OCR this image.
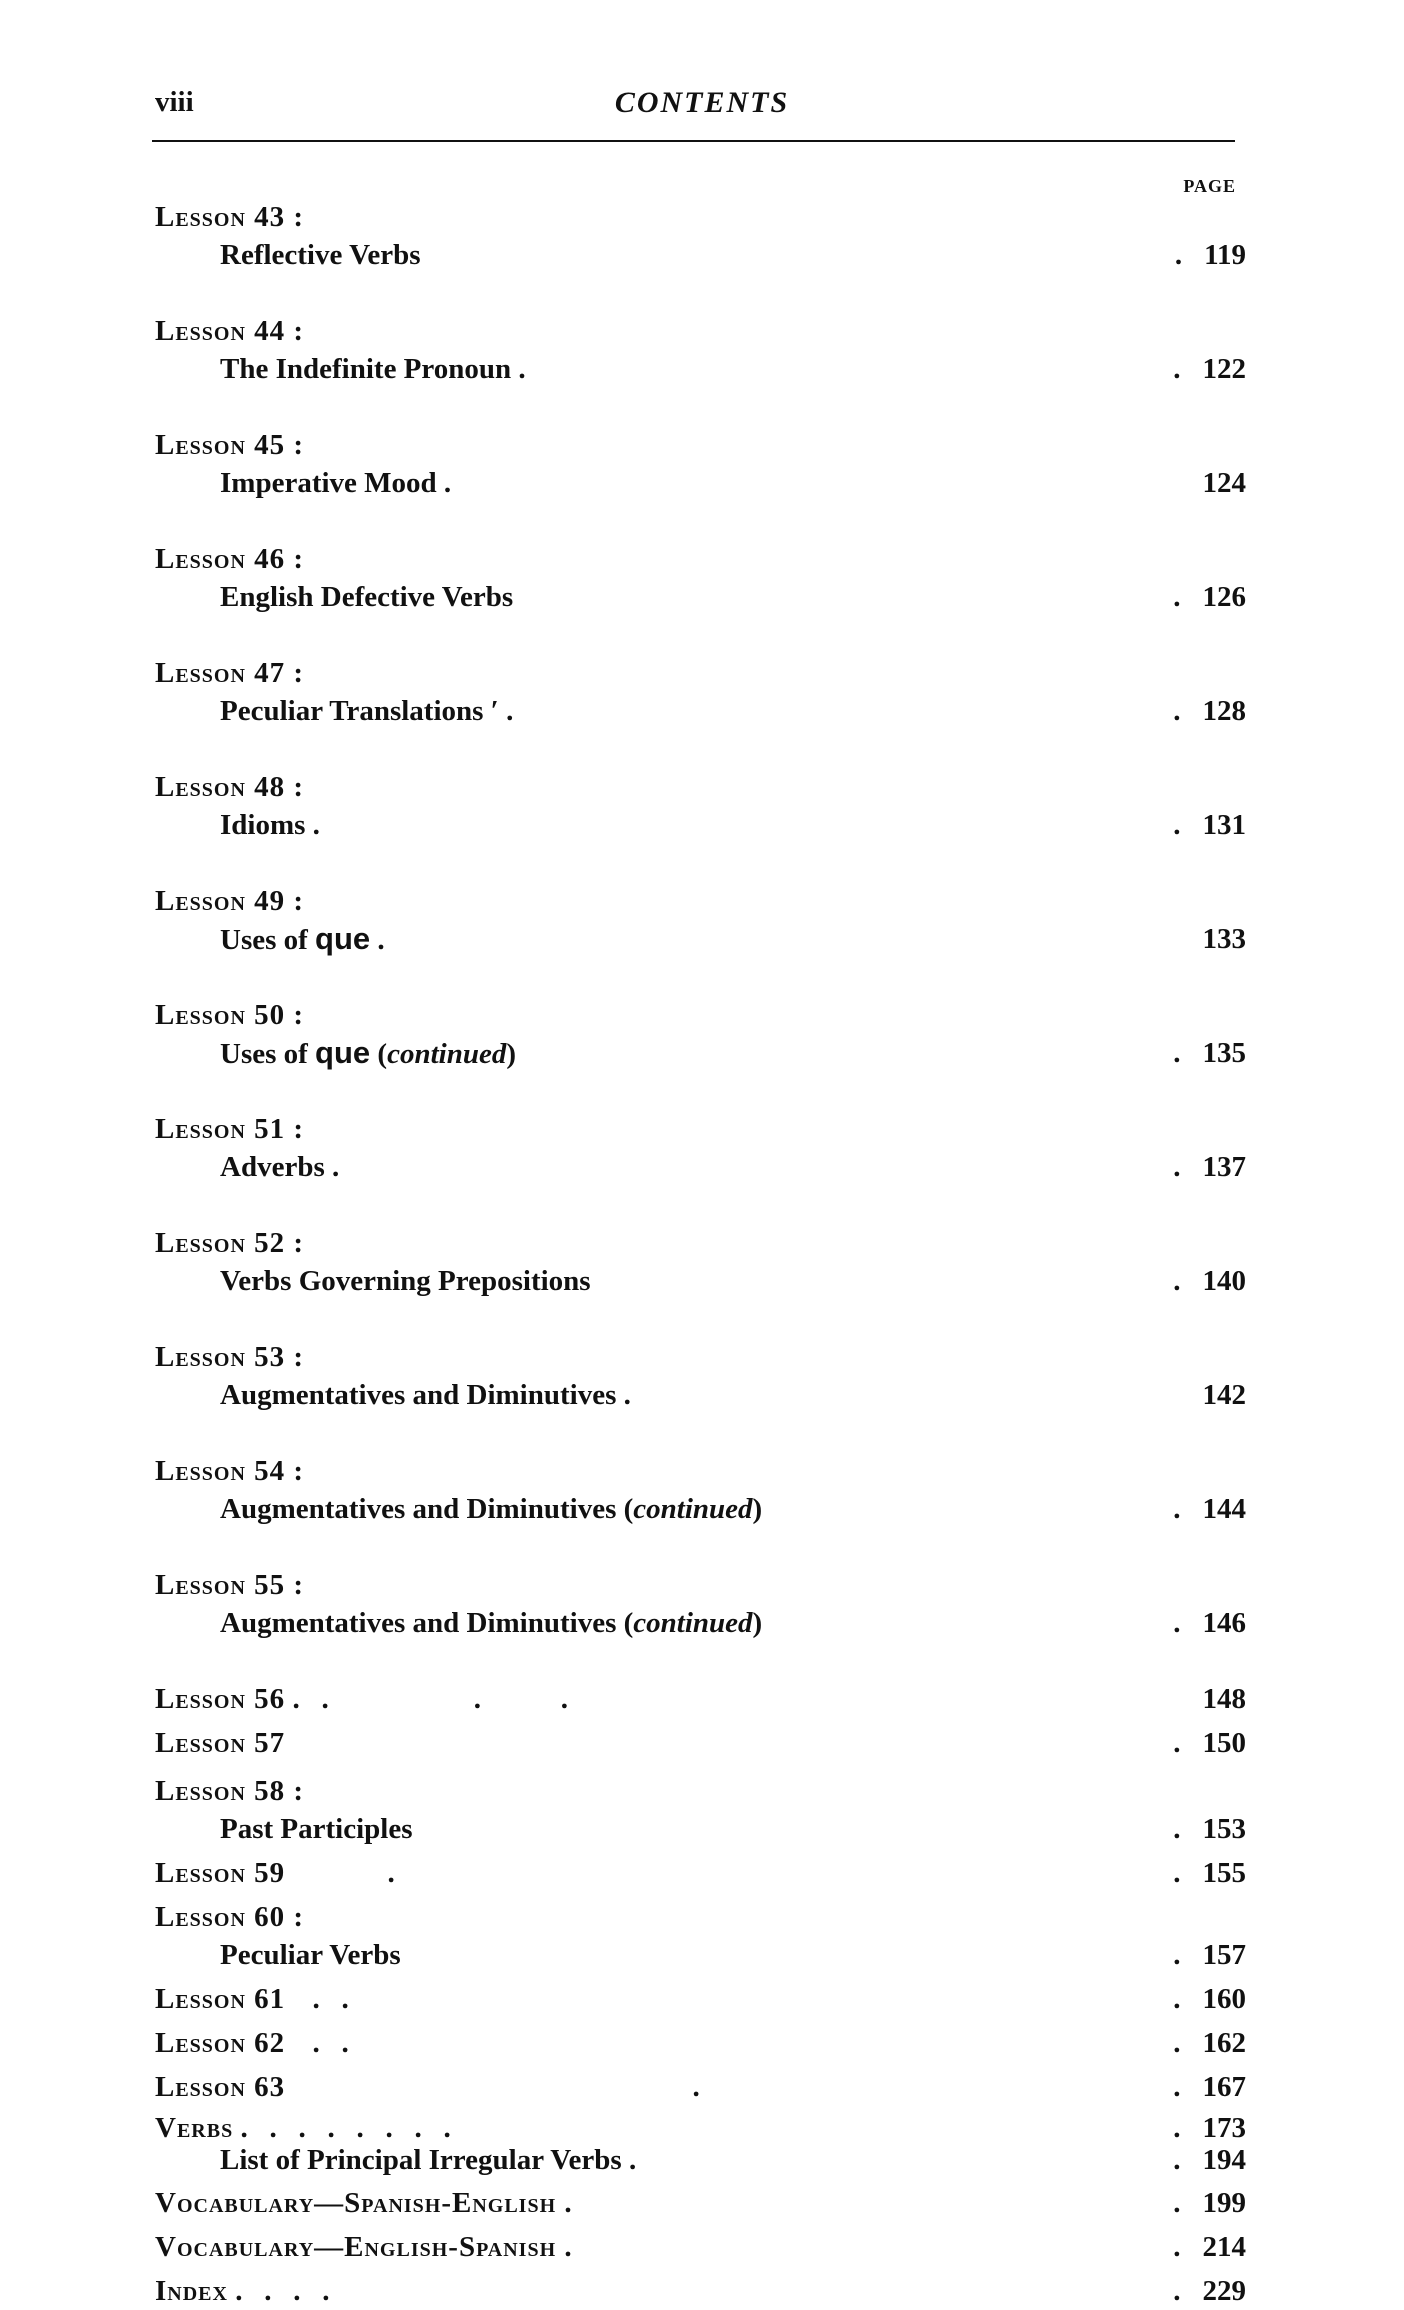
viii	CONTENTS
PAGE
Lesson 43 :
Reflective Verbs	. 119
Lesson 44 :
The Indefinite Pronoun .	. 122
Lesson 45 :
Imperative Mood .	124
Lesson 46 :
English Defective Verbs	. 126
Lesson 47 :
Peculiar Translations ′ .	. 128
Lesson 48 :
Idioms .	. 131
Lesson 49 :
Uses of que .	133
Lesson 50 :
Uses of que (continued)	. 135
Lesson 51 :
Adverbs .	. 137
Lesson 52 :
Verbs Governing Prepositions	. 140
Lesson 53 :
Augmentatives and Diminutives .	142
Lesson 54 :
Augmentatives and Diminutives (continued)	. 144
Lesson 55 :
Augmentatives and Diminutives (continued)	. 146
Lesson 56 .   .                    .           .	148
Lesson 57	. 150
Lesson 58 :
Past Participles	. 153
Lesson 59	.	. 155
Lesson 60 :
Peculiar Verbs	. 157
Lesson 61 .   .	. 160
Lesson 62 .   .	. 162
Lesson 63	.	. 167
Verbs .   .   .   .   .   .   .   .	. 173
List of Principal Irregular Verbs .	. 194
Vocabulary—Spanish-English .	. 199
Vocabulary—English-Spanish .	. 214
Index .   .   .   .	. 229
